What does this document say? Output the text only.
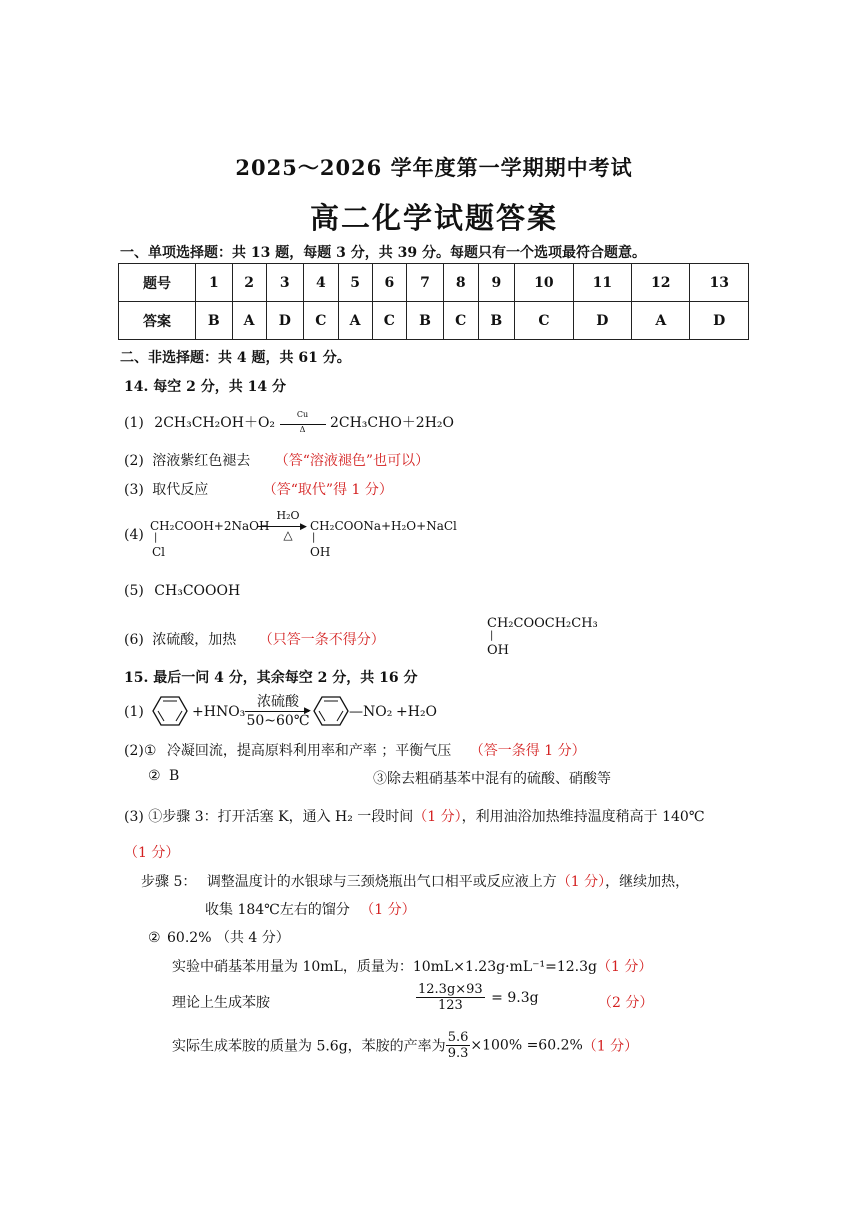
2025～2026 学年度第一学期期中考试
高二化学试题答案
一、单项选择题：共 13 题，每题 3 分，共 39 分。每题只有一个选项最符合题意。
题号	1	2	3	4	5	6	7	8	9	10	11	12	13
答案	B	A	D	C	A	C	B	C	B	C	D	A	D
二、非选择题：共 4 题，共 61 分。
14. 每空 2 分，共 14 分
(1) $2CH_3CH_2OH+O_2 \frac{Cu}{\Delta} 2CH_3CHO+2H_2O$
(2) 溶液紫红色褪去 （答“溶液褪色”也可以）
(3) 取代反应	（答“取代”得 1 分）
(4)
CH₂COOH+2NaOH
|
Cl
H₂O
▶
△
CH₂COONa+H₂O+NaCl
|
OH
(5) CH₃COOOH
(6) 浓硫酸，加热 （只答一条不得分）
CH₂COOCH₂CH₃
|
OH
15. 最后一问 4 分，其余每空 2 分，共 16 分
(1)	+HNO₃
浓硫酸
▶
50~60℃
—NO₂ +H₂O
(2)① 冷凝回流，提高原料利用率和产率 ；平衡气压 （答一条得 1 分）
② B	③除去粗硝基苯中混有的硫酸、硝酸等
(3) ①步骤 3：打开活塞 K，通入 H₂ 一段时间（1 分），利用油浴加热维持温度稍高于 140℃
（1 分）
步骤 5： 调整温度计的水银球与三颈烧瓶出气口相平或反应液上方（1 分），继续加热，
收集 184℃左右的馏分 （1 分）
② 60.2% （共 4 分）
实验中硝基苯用量为 10mL，质量为：10mL×1.23g·mL⁻¹=12.3g（1 分）
理论上生成苯胺	$\frac{12.3g\times 93}{123} = 9.3g$	（2 分）
实际生成苯胺的质量为 5.6g，苯胺的产率为 $\frac{5.6}{9.3} \times 100\% =60.2\%(1$ 分）
